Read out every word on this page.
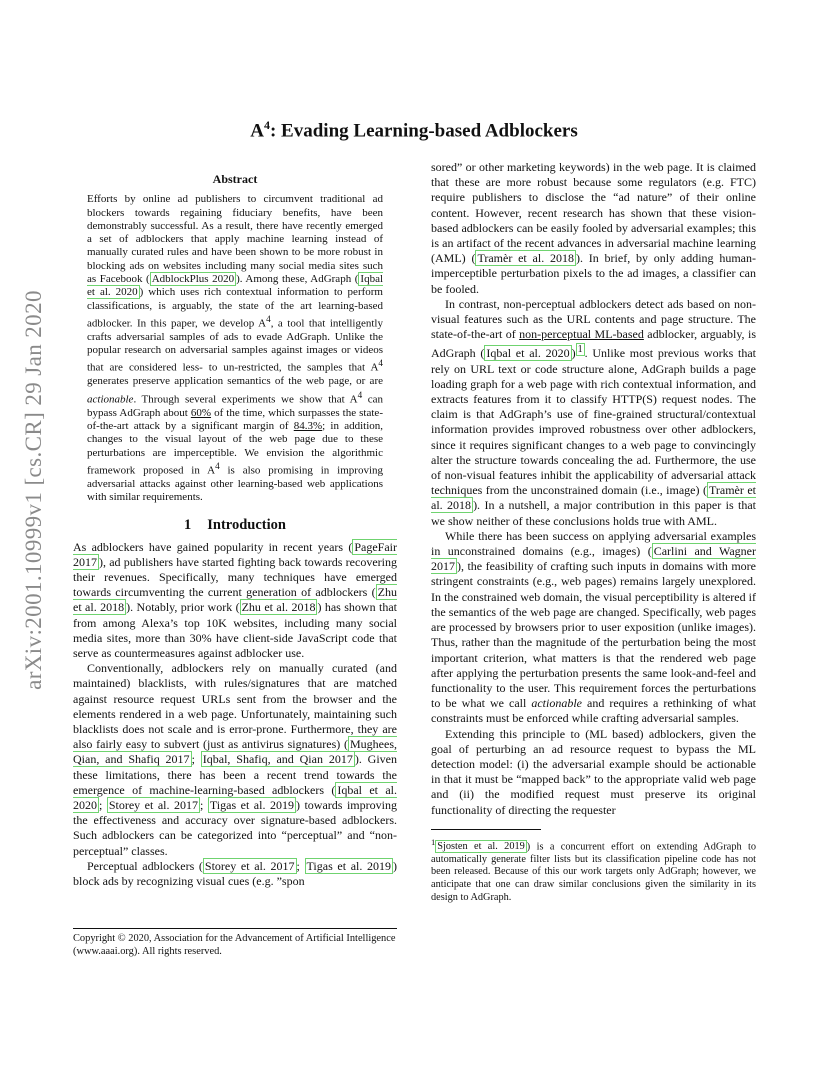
arXiv:2001.10999v1 [cs.CR] 29 Jan 2020
$A^4$: Evading Learning-based Adblockers
Abstract
Efforts by online ad publishers to circumvent traditional ad blockers towards regaining fiduciary benefits, have been demonstrably successful. As a result, there have recently emerged a set of adblockers that apply machine learning instead of manually curated rules and have been shown to be more robust in blocking ads on websites including many social media sites such as Facebook ( AdblockPlus 2020 ). Among these, AdGraph ( Iqbal et al. 2020 ) which uses rich contextual information to perform classifications, is arguably, the state of the art learning-based adblocker. In this paper, we develop $A^4$, a tool that intelligently crafts adversarial samples of ads to evade AdGraph. Unlike the popular research on adversarial samples against images or videos that are considered less- to un-restricted, the samples that $A^4$ generates preserve application semantics of the web page, or are actionable. Through several experiments we show that $A^4$ can bypass AdGraph about 60% of the time, which surpasses the state-of-the-art attack by a significant margin of 84.3%; in addition, changes to the visual layout of the web page due to these perturbations are imperceptible. We envision the algorithmic framework proposed in $A^4$ is also promising in improving adversarial attacks against other learning-based web applications with similar requirements.
1 Introduction

As adblockers have gained popularity in recent years ( PageFair 2017 ), ad publishers have started fighting back towards recovering their revenues. Specifically, many techniques have emerged towards circumventing the current generation of adblockers ( Zhu et al. 2018 ). Notably, prior work ( Zhu et al. 2018 ) has shown that from among Alexa’s top 10K websites, including many social media sites, more than 30% have client-side JavaScript code that serve as countermeasures against adblocker use.

Conventionally, adblockers rely on manually curated (and maintained) blacklists, with rules/signatures that are matched against resource request URLs sent from the browser and the elements rendered in a web page. Unfortunately, maintaining such blacklists does not scale and is error-prone. Furthermore, they are also fairly easy to subvert (just as antivirus signatures) ( Mughees, Qian, and Shafiq 2017 ; Iqbal, Shafiq, and Qian 2017 ). Given these limitations, there has been a recent trend towards the emergence of machine-learning-based adblockers ( Iqbal et al. 2020 ; Storey et al. 2017 ; Tigas et al. 2019 ) towards improving the effectiveness and accuracy over signature-based adblockers. Such adblockers can be categorized into “perceptual” and “non-perceptual” classes.

Perceptual adblockers ( Storey et al. 2017 ; Tigas et al. 2019 ) block ads by recognizing visual cues (e.g. ”spon

Copyright © 2020, Association for the Advancement of Artificial Intelligence (www.aaai.org). All rights reserved.

sored” or other marketing keywords) in the web page. It is claimed that these are more robust because some regulators (e.g. FTC) require publishers to disclose the “ad nature” of their online content. However, recent research has shown that these vision-based adblockers can be easily fooled by adversarial examples; this is an artifact of the recent advances in adversarial machine learning (AML) ( Tramèr et al. 2018 ). In brief, by only adding human-imperceptible perturbation pixels to the ad images, a classifier can be fooled.

In contrast, non-perceptual adblockers detect ads based on non-visual features such as the URL contents and page structure. The state-of-the-art of non-perceptual ML-based adblocker, arguably, is AdGraph ( Iqbal et al. 2020 ) $^1$ . Unlike most previous works that rely on URL text or code structure alone, AdGraph builds a page loading graph for a web page with rich contextual information, and extracts features from it to classify HTTP(S) request nodes. The claim is that AdGraph’s use of fine-grained structural/contextual information provides improved robustness over other adblockers, since it requires significant changes to a web page to convincingly alter the structure towards concealing the ad. Furthermore, the use of non-visual features inhibit the applicability of adversarial attack techniques from the unconstrained domain (i.e., image) ( Tramèr et al. 2018 ). In a nutshell, a major contribution in this paper is that we show neither of these conclusions holds true with AML.

While there has been success on applying adversarial examples in unconstrained domains (e.g., images) ( Carlini and Wagner 2017 ), the feasibility of crafting such inputs in domains with more stringent constraints (e.g., web pages) remains largely unexplored. In the constrained web domain, the visual perceptibility is altered if the semantics of the web page are changed. Specifically, web pages are processed by browsers prior to user exposition (unlike images). Thus, rather than the magnitude of the perturbation being the most important criterion, what matters is that the rendered web page after applying the perturbation presents the same look-and-feel and functionality to the user. This requirement forces the perturbations to be what we call actionable and requires a rethinking of what constraints must be enforced while crafting adversarial samples.

Extending this principle to (ML based) adblockers, given the goal of perturbing an ad resource request to bypass the ML detection model: (i) the adversarial example should be actionable in that it must be “mapped back” to the appropriate valid web page and (ii) the modified request must preserve its original functionality of directing the requester

$^1$ Sjosten et al. 2019 ) is a concurrent effort on extending AdGraph to automatically generate filter lists but its classification pipeline code has not been released. Because of this our work targets only AdGraph; however, we anticipate that one can draw similar conclusions given the similarity in its design to AdGraph.
